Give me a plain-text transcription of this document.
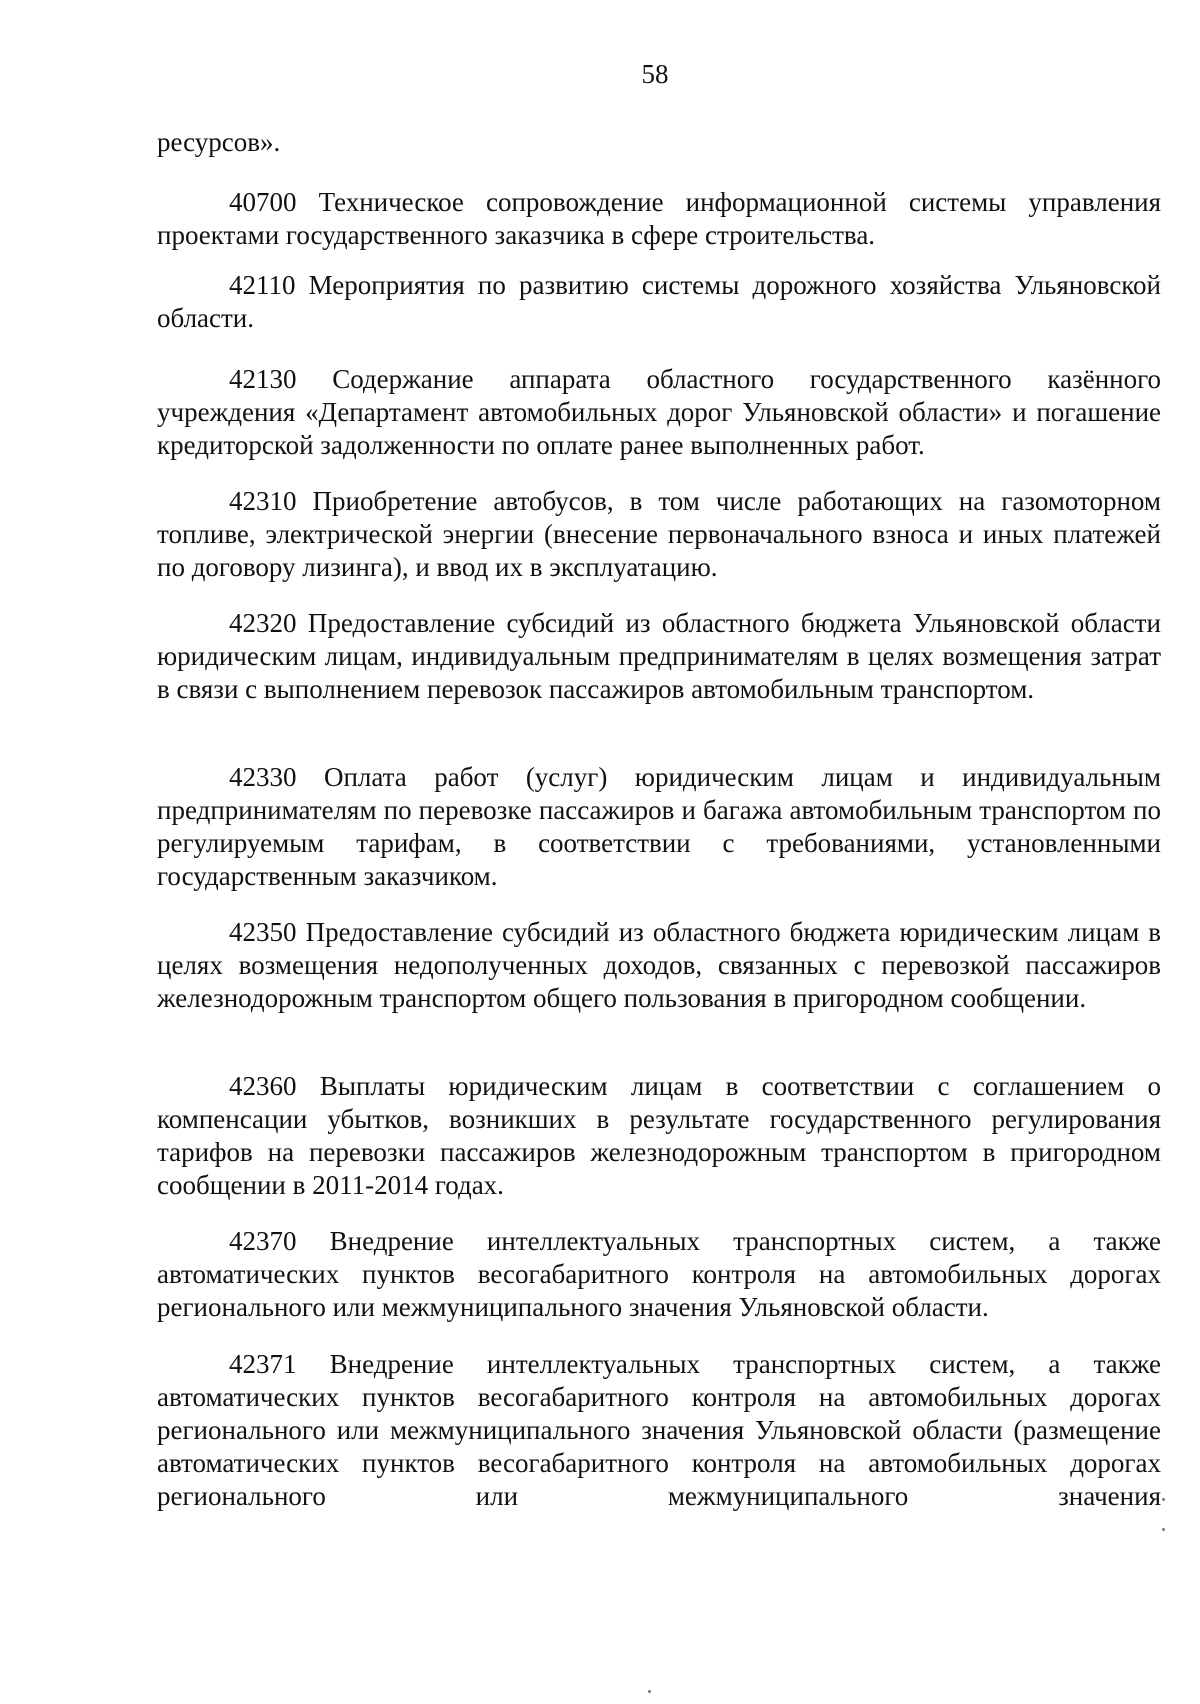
58
ресурсов».

40700 Техническое сопровождение информационной системы управления проектами государственного заказчика в сфере строительства.

42110 Мероприятия по развитию системы дорожного хозяйства Ульяновской области.

42130 Содержание аппарата областного государственного казённого учреждения «Департамент автомобильных дорог Ульяновской области» и погашение кредиторской задолженности по оплате ранее выполненных работ.

42310 Приобретение автобусов, в том числе работающих на газомоторном топливе, электрической энергии (внесение первоначального взноса и иных платежей по договору лизинга), и ввод их в эксплуатацию.

42320 Предоставление субсидий из областного бюджета Ульяновской области юридическим лицам, индивидуальным предпринимателям в целях возмещения затрат в связи с выполнением перевозок пассажиров автомобильным транспортом.

42330 Оплата работ (услуг) юридическим лицам и индивидуальным предпринимателям по перевозке пассажиров и багажа автомобильным транспортом по регулируемым тарифам, в соответствии с требованиями, установленными государственным заказчиком.

42350 Предоставление субсидий из областного бюджета юридическим лицам в целях возмещения недополученных доходов, связанных с перевозкой пассажиров железнодорожным транспортом общего пользования в пригородном сообщении.

42360 Выплаты юридическим лицам в соответствии с соглашением о компенсации убытков, возникших в результате государственного регулирования тарифов на перевозки пассажиров железнодорожным транспортом в пригородном сообщении в 2011-2014 годах.

42370 Внедрение интеллектуальных транспортных систем, а также автоматических пунктов весогабаритного контроля на автомобильных дорогах регионального или межмуниципального значения Ульяновской области.

42371 Внедрение интеллектуальных транспортных систем, а также автоматических пунктов весогабаритного контроля на автомобильных дорогах регионального или межмуниципального значения Ульяновской области (размещение автоматических пунктов весогабаритного контроля на автомобильных дорогах регионального или межмуниципального значения
